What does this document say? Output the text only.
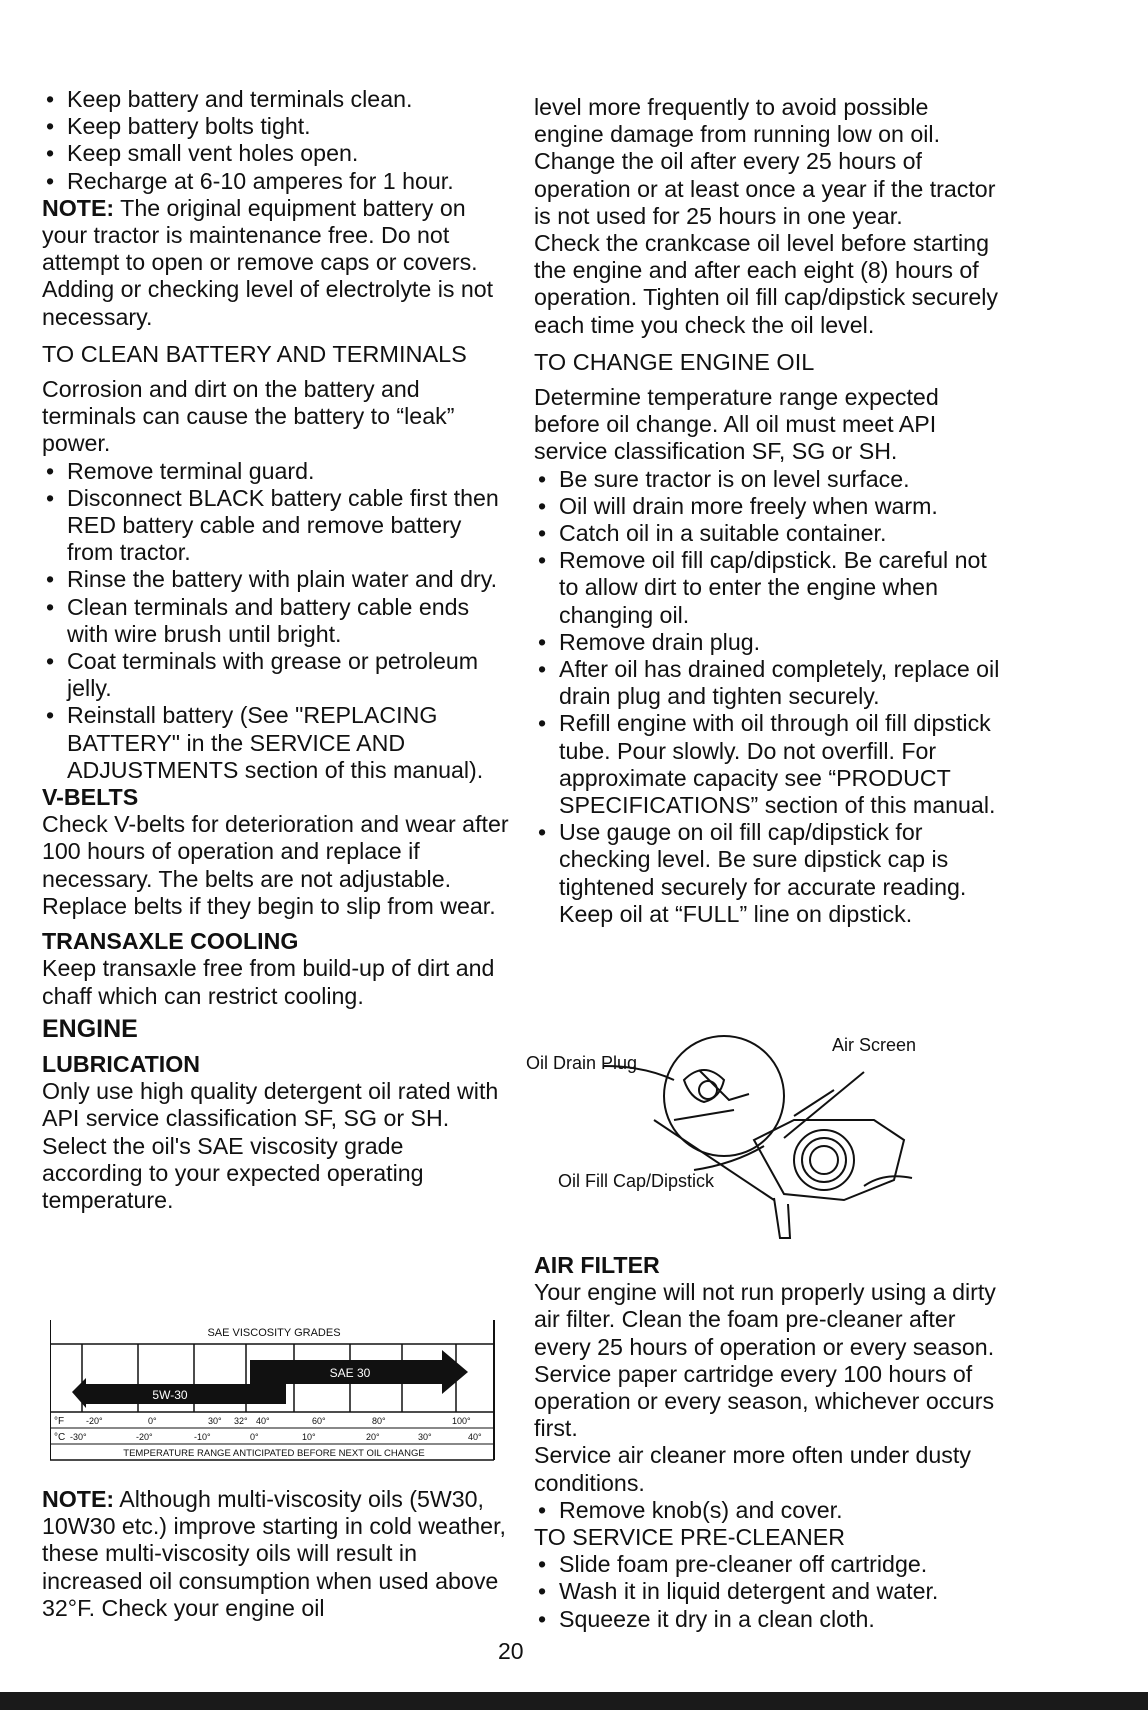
• Keep battery and terminals clean.
• Keep battery bolts tight.
• Keep small vent holes open.
• Recharge at 6-10 amperes for 1 hour.

NOTE: The original equipment battery on your tractor is maintenance free. Do not attempt to open or remove caps or covers. Adding or checking level of electrolyte is not necessary.

TO CLEAN BATTERY AND TERMINALS

Corrosion and dirt on the battery and terminals can cause the battery to “leak” power.

• Remove terminal guard.
• Disconnect BLACK battery cable first then RED battery cable and remove battery from tractor.
• Rinse the battery with plain water and dry.
• Clean terminals and battery cable ends with wire brush until bright.
• Coat terminals with grease or petroleum jelly.
• Reinstall battery (See "REPLACING BATTERY" in the SERVICE AND ADJUSTMENTS section of this manual).

V-BELTS

Check V-belts for deterioration and wear after 100 hours of operation and replace if necessary. The belts are not adjustable. Replace belts if they begin to slip from wear.

TRANSAXLE COOLING

Keep transaxle free from build-up of dirt and chaff which can restrict cooling.

ENGINE

LUBRICATION

Only use high quality detergent oil rated with API service classification SF, SG or SH. Select the oil's SAE viscosity grade according to your expected operating temperature.

SAE VISCOSITY GRADES
SAE 30
5W-30
°F -20°	0°	30° 32° 40°	60°	80°	100°
°C -30°	-20°	-10°	0°	10°	20°	30°	40°
TEMPERATURE RANGE ANTICIPATED BEFORE NEXT OIL CHANGE

NOTE: Although multi-viscosity oils (5W30, 10W30 etc.) improve starting in cold weather, these multi-viscosity oils will result in increased oil consumption when used above 32°F. Check your engine oil

level more frequently to avoid possible engine damage from running low on oil. Change the oil after every 25 hours of operation or at least once a year if the tractor is not used for 25 hours in one year.

Check the crankcase oil level before starting the engine and after each eight (8) hours of operation. Tighten oil fill cap/dipstick securely each time you check the oil level.

TO CHANGE ENGINE OIL

Determine temperature range expected before oil change. All oil must meet API service classification SF, SG or SH.

• Be sure tractor is on level surface.
• Oil will drain more freely when warm.
• Catch oil in a suitable container.
• Remove oil fill cap/dipstick. Be careful not to allow dirt to enter the engine when changing oil.
• Remove drain plug.
• After oil has drained completely, replace oil drain plug and tighten securely.
• Refill engine with oil through oil fill dipstick tube. Pour slowly. Do not overfill. For approximate capacity see “PRODUCT SPECIFICATIONS” section of this manual.
• Use gauge on oil fill cap/dipstick for checking level. Be sure dipstick cap is tightened securely for accurate reading. Keep oil at “FULL” line on dipstick.
Oil Drain Plug
Air Screen
Oil Fill Cap/Dipstick

AIR FILTER

Your engine will not run properly using a dirty air filter. Clean the foam pre-cleaner after every 25 hours of operation or every season. Service paper cartridge every 100 hours of operation or every season, whichever occurs first.

Service air cleaner more often under dusty conditions.

• Remove knob(s) and cover.

TO SERVICE PRE-CLEANER

• Slide foam pre-cleaner off cartridge.
• Wash it in liquid detergent and water.
• Squeeze it dry in a clean cloth.
20
